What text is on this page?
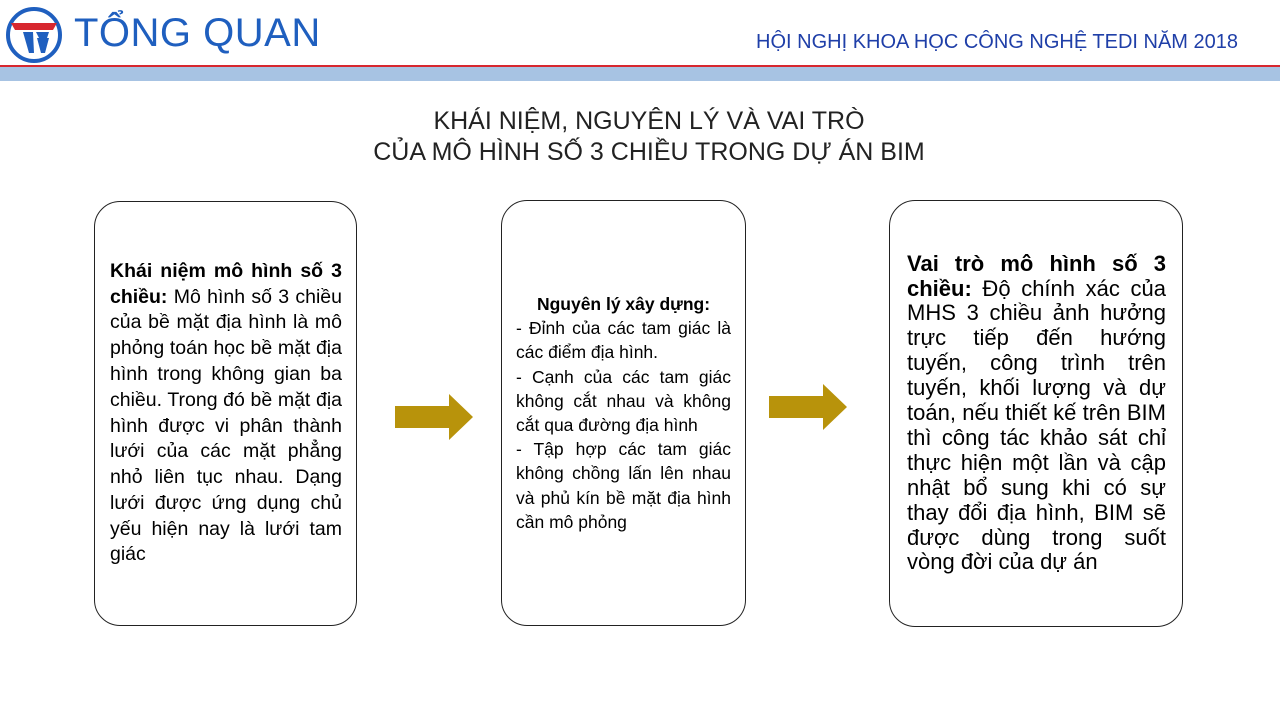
TỔNG QUAN	HỘI NGHỊ KHOA HỌC CÔNG NGHỆ TEDI NĂM 2018
KHÁI NIỆM, NGUYÊN LÝ VÀ VAI TRÒ
CỦA MÔ HÌNH SỐ 3 CHIỀU TRONG DỰ ÁN BIM
Khái niệm mô hình số 3 chiều: Mô hình số 3 chiều của bề mặt địa hình là mô phỏng toán học bề mặt địa hình trong không gian ba chiều. Trong đó bề mặt địa hình được vi phân thành lưới của các mặt phẳng nhỏ liên tục nhau. Dạng lưới được ứng dụng chủ yếu hiện nay là lưới tam giác
Nguyên lý xây dựng:
- Đỉnh của các tam giác là các điểm địa hình.
- Cạnh của các tam giác không cắt nhau và không cắt qua đường địa hình
- Tập hợp các tam giác không chồng lấn lên nhau và phủ kín bề mặt địa hình cần mô phỏng
Vai trò mô hình số 3 chiều: Độ chính xác của MHS 3 chiều ảnh hưởng trực tiếp đến hướng tuyến, công trình trên tuyến, khối lượng và dự toán, nếu thiết kế trên BIM thì công tác khảo sát chỉ thực hiện một lần và cập nhật bổ sung khi có sự thay đổi địa hình, BIM sẽ được dùng trong suốt vòng đời của dự án
